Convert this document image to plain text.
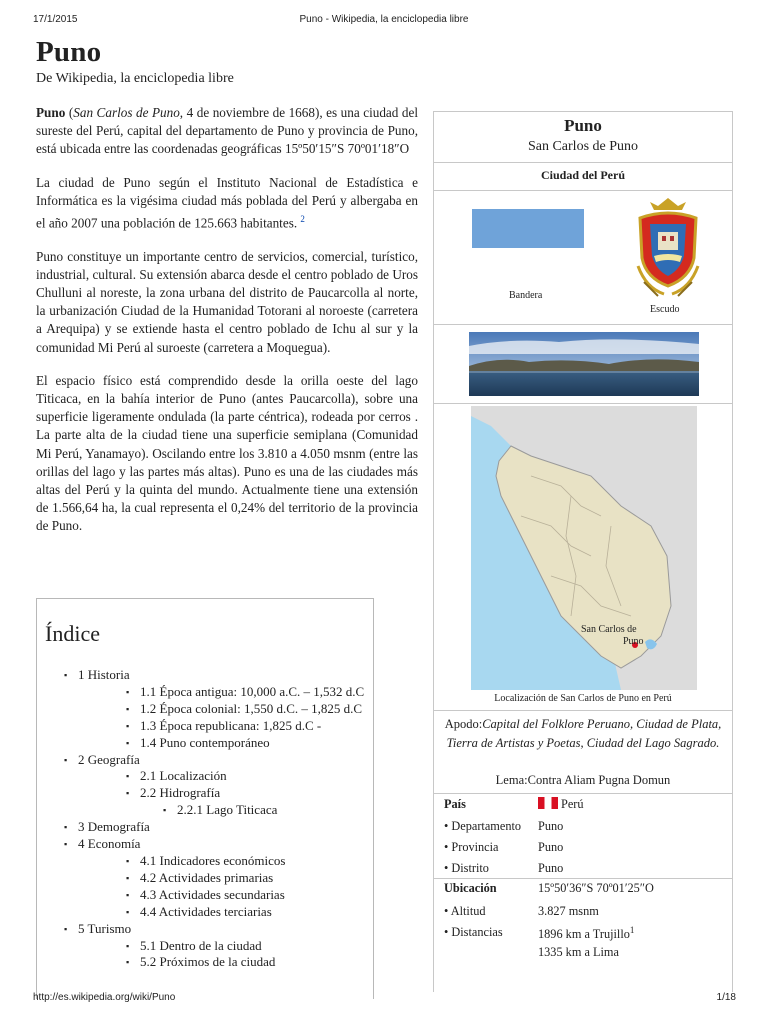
17/1/2015	Puno - Wikipedia, la enciclopedia libre
Puno
De Wikipedia, la enciclopedia libre

Puno (San Carlos de Puno, 4 de noviembre de 1668), es una ciudad del sureste del Perú, capital del departamento de Puno y provincia de Puno, está ubicada entre las coordenadas geográficas 15º50′15″S 70º01′18″O

La ciudad de Puno según el Instituto Nacional de Estadística e Informática es la vigésima ciudad más poblada del Perú y albergaba en el año 2007 una población de 125.663 habitantes. $^2$

Puno constituye un importante centro de servicios, comercial, turístico, industrial, cultural. Su extensión abarca desde el centro poblado de Uros Chulluni al noreste, la zona urbana del distrito de Paucarcolla al norte, la urbanización Ciudad de la Humanidad Totorani al noroeste (carretera a Arequipa) y se extiende hasta el centro poblado de Ichu al sur y la comunidad Mi Perú al suroeste (carretera a Moquegua).

El espacio físico está comprendido desde la orilla oeste del lago Titicaca, en la bahía interior de Puno (antes Paucarcolla), sobre una superficie ligeramente ondulada (la parte céntrica), rodeada por cerros . La parte alta de la ciudad tiene una superficie semiplana (Comunidad Mi Perú, Yanamayo). Oscilando entre los 3.810 a 4.050 msnm (entre las orillas del lago y las partes más altas). Puno es una de las ciudades más altas del Perú y la quinta del mundo. Actualmente tiene una extensión de 1.566,64 ha, la cual representa el 0,24% del territorio de la provincia de Puno.

Índice
▪ 1 Historia
▪ 1.1 Época antigua: 10,000 a.C. – 1,532 d.C
▪ 1.2 Época colonial: 1,550 d.C. – 1,825 d.C
▪ 1.3 Época republicana: 1,825 d.C -
▪ 1.4 Puno contemporáneo
▪ 2 Geografía
▪ 2.1 Localización
▪ 2.2 Hidrografía
▪ 2.2.1 Lago Titicaca
▪ 3 Demografía
▪ 4 Economía
▪ 4.1 Indicadores económicos
▪ 4.2 Actividades primarias
▪ 4.3 Actividades secundarias
▪ 4.4 Actividades terciarias
▪ 5 Turismo
▪ 5.1 Dentro de la ciudad
▪ 5.2 Próximos de la ciudad
Puno
San Carlos de Puno
Ciudad del Perú
Bandera
Escudo
San Carlos de
Puno
Localización de San Carlos de Puno en Perú
Apodo:Capital del Folklore Peruano, Ciudad de Plata, Tierra de Artistas y Poetas, Ciudad del Lago Sagrado.
Lema:Contra Aliam Pugna Domun
País	Perú
• Departamento Puno
• Provincia	Puno
• Distrito	Puno
Ubicación	15º50′36″S 70º01′25″O
• Altitud	3.827 msnm
• Distancias	1896 km a Trujillo$^1$
1335 km a Lima
http://es.wikipedia.org/wiki/Puno	1/18
